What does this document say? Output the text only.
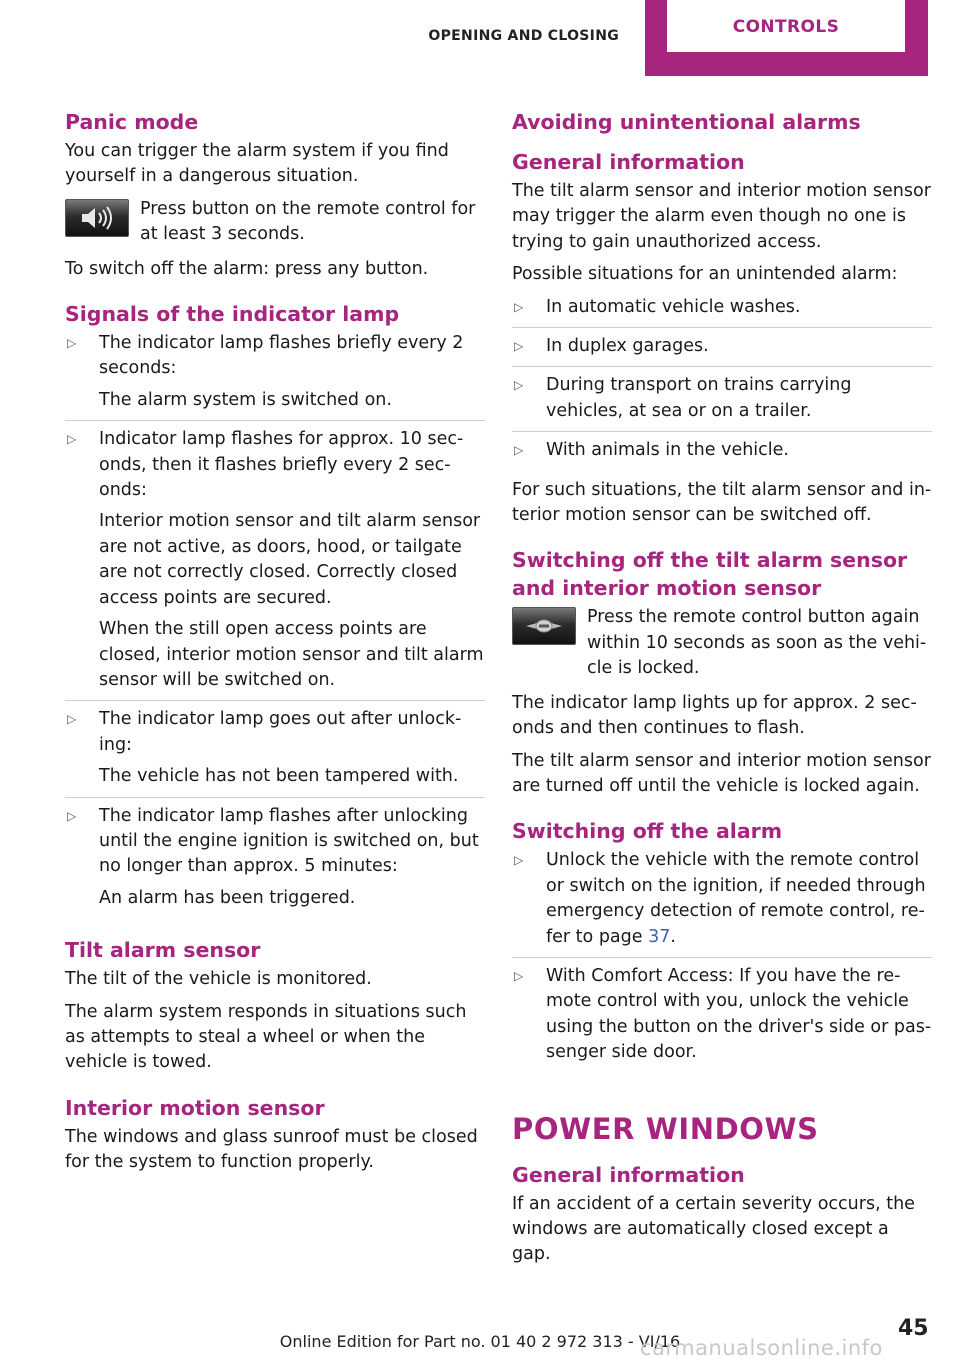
OPENING AND CLOSING	CONTROLS
Panic mode

You can trigger the alarm system if you find yourself in a dangerous situation.

Press button on the remote control for at least 3 seconds.

To switch off the alarm: press any button.

Signals of the indicator lamp
▷ The indicator lamp flashes briefly every 2 seconds:
The alarm system is switched on.
▷ Indicator lamp flashes for approx. 10 sec‐onds, then it flashes briefly every 2 sec‐onds:
Interior motion sensor and tilt alarm sensor are not active, as doors, hood, or tailgate are not correctly closed. Correctly closed access points are secured.
When the still open access points are closed, interior motion sensor and tilt alarm sensor will be switched on.
▷ The indicator lamp goes out after unlock‐ing:
The vehicle has not been tampered with.
▷ The indicator lamp flashes after unlocking until the engine ignition is switched on, but no longer than approx. 5 minutes:
An alarm has been triggered.
Tilt alarm sensor

The tilt of the vehicle is monitored.

The alarm system responds in situations such as attempts to steal a wheel or when the vehicle is towed.

Interior motion sensor

The windows and glass sunroof must be closed for the system to function properly.

Avoiding unintentional alarms
General information

The tilt alarm sensor and interior motion sensor may trigger the alarm even though no one is trying to gain unauthorized access.

Possible situations for an unintended alarm:

▷ In automatic vehicle washes.
▷ In duplex garages.
▷ During transport on trains carrying vehicles, at sea or on a trailer.
▷ With animals in the vehicle.

For such situations, the tilt alarm sensor and in‐terior motion sensor can be switched off.

Switching off the tilt alarm sensor and interior motion sensor
Press the remote control button again within 10 seconds as soon as the vehi‐cle is locked.

The indicator lamp lights up for approx. 2 sec‐onds and then continues to flash.

The tilt alarm sensor and interior motion sensor are turned off until the vehicle is locked again.

Switching off the alarm
▷ Unlock the vehicle with the remote control or switch on the ignition, if needed through emergency detection of remote control, re‐fer to page 37.
▷ With Comfort Access: If you have the re‐mote control with you, unlock the vehicle using the button on the driver's side or pas‐senger side door.
POWER WINDOWS
General information

If an accident of a certain severity occurs, the windows are automatically closed except a gap.

Online Edition for Part no. 01 40 2 972 313 - VI/16
45
carmanualsonline.info
